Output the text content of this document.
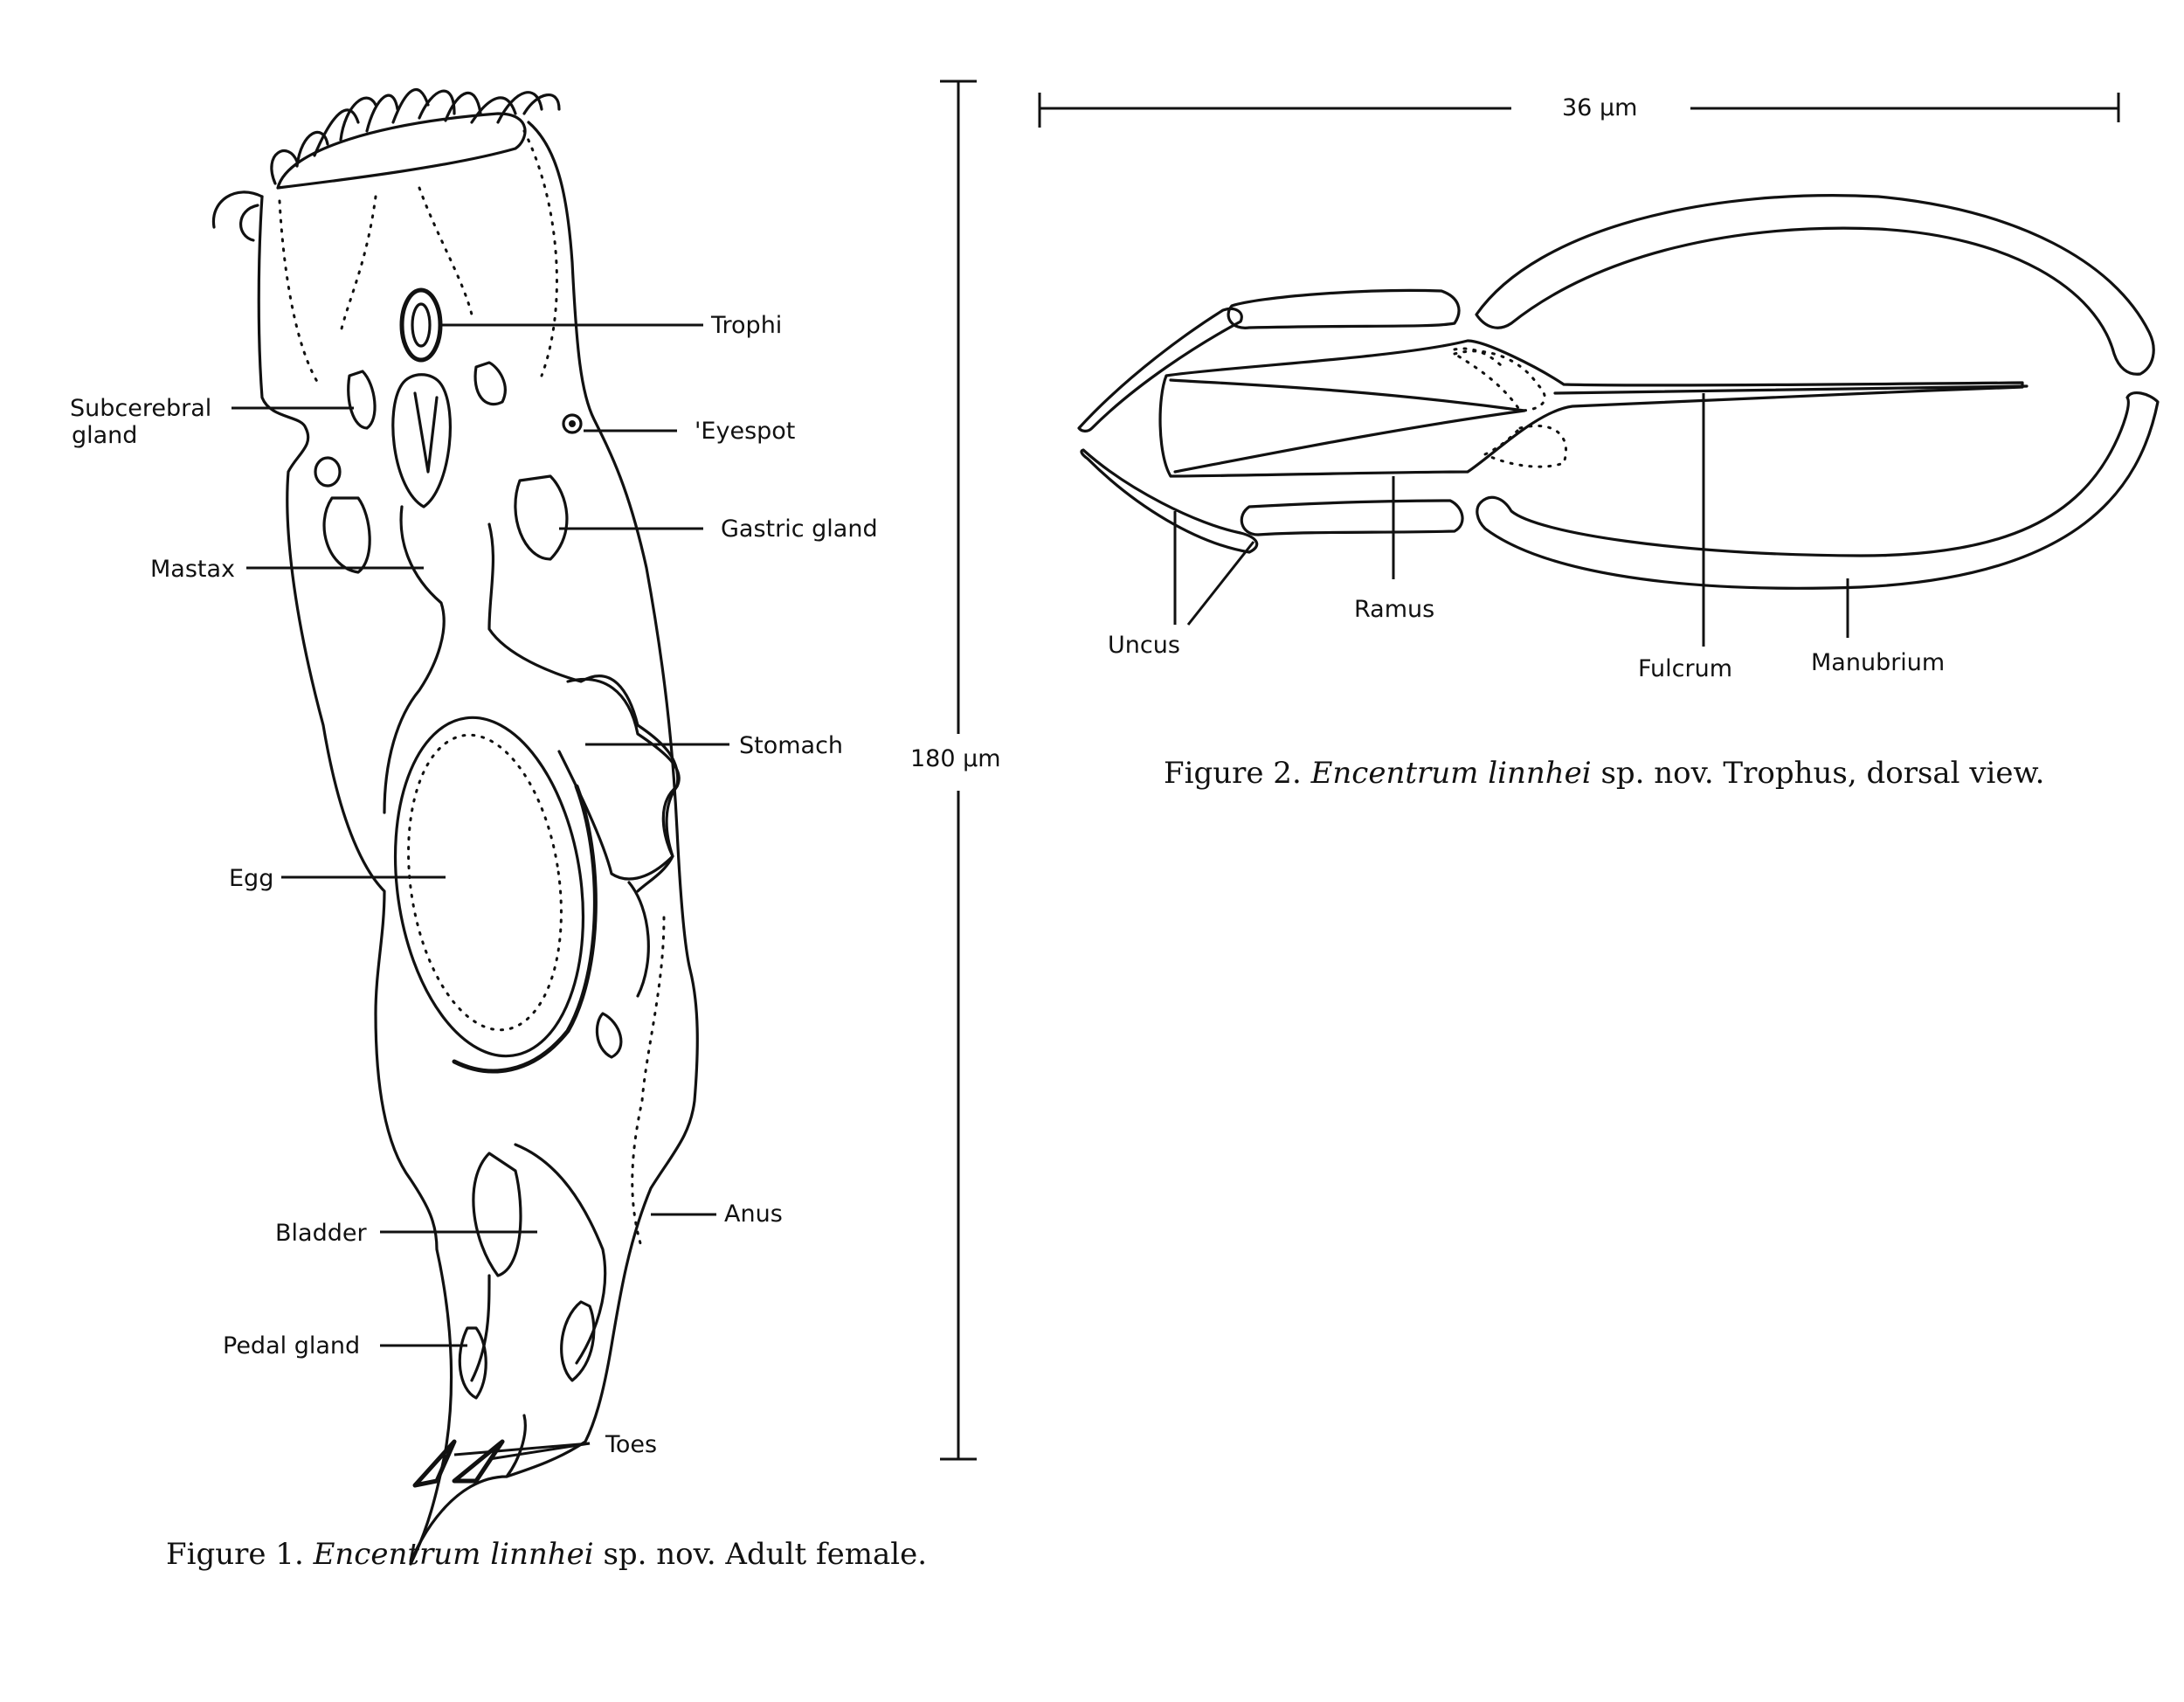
Trophi
Subcerebral
gland	'Eyespot
Gastric gland
Mastax
Stomach
Egg
Anus
Bladder
Pedal gland
Toes
180 μm
Figure 1. Encentrum linnhei sp. nov. Adult female.
36 μm
Uncus
Ramus
Fulcrum	Manubrium
Figure 2. Encentrum linnhei sp. nov. Trophus, dorsal view.
